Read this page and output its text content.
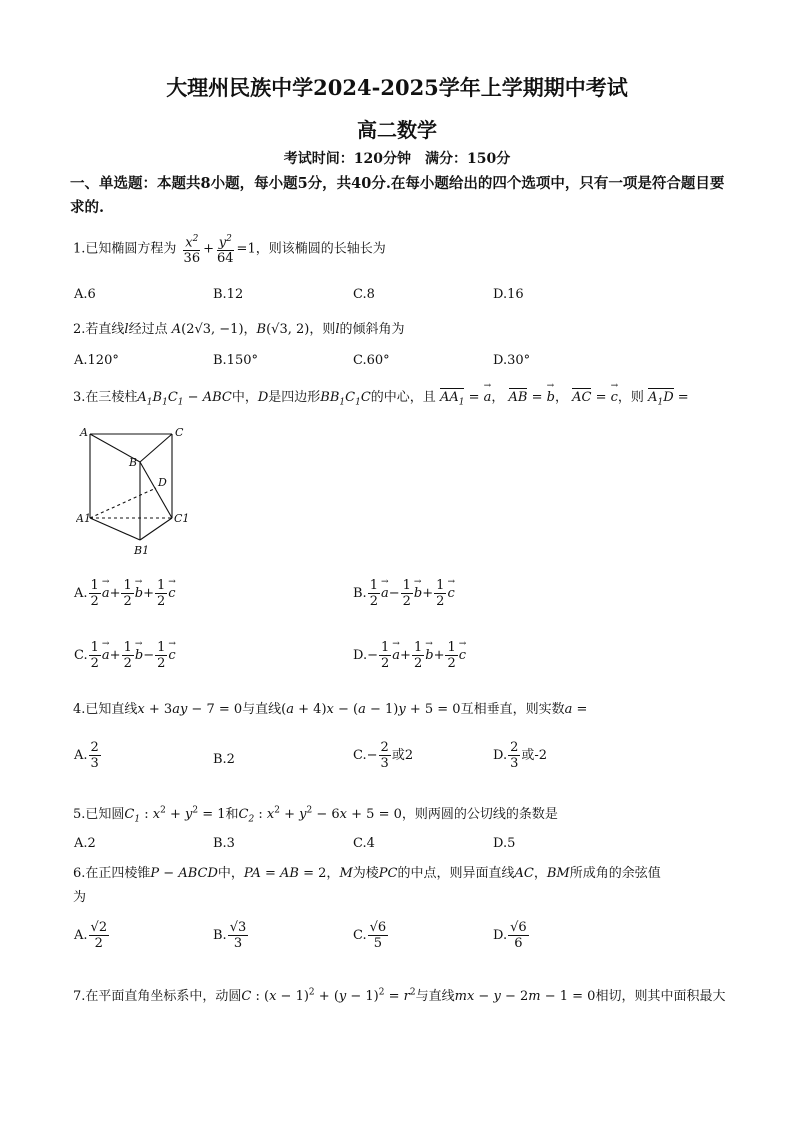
大理州民族中学2024-2025学年上学期期中考试
高二数学
考试时间：120分钟　满分：150分
一、单选题：本题共8小题，每小题5分，共40分.在每小题给出的四个选项中，只有一项是符合题目要求的.
1.已知椭圆方程为 $\frac{x^2}{36} + \frac{y^2}{64} =1$，则该椭圆的长轴长为
A.6	B.12	C.8	D.16
2.若直线l经过点 A(2√3, −1)，B(√3, 2)，则l的倾斜角为
A.120°	B.150°	C.60°	D.30°
3.在三棱柱$A_1B_1C_1$ − ABC中，D是四边形$BB_1C_1C$的中心，且 $AA_1$ = → a， AB = → b， AC = → c，则 $A_1D$ =
A	C
B
D
A1	C1
B1
A. $\frac{1}{2}$
→ $a+ \frac{1}{2}$
→ $b+ \frac{1}{2}$
→ c	B. $\frac{1}{2}$
→ $a- \frac{1}{2}$
→ $b+ \frac{1}{2}$
→ c
C. $\frac{1}{2}$
→ $a+ \frac{1}{2}$
→ $b- \frac{1}{2}$
→ c	$D.- \frac{1}{2}$
→ $a+ \frac{1}{2}$
→ $b+ \frac{1}{2}$
→ c
4.已知直线x + 3ay − 7 = 0与直线(a + 4)x − (a − 1)y + 5 = 0互相垂直，则实数a =
A. $\frac{2}{3}$	B.2	$C.- \frac{2}{3}$ 或2	D. $\frac{2}{3}$ 或-2
5.已知圆$C_1$ : $x^2 + y^2 = 1$和$C_2$ : $x^2 + y^2 - 6x + 5 = 0$，则两圆的公切线的条数是
A.2	B.3	C.4	D.5
6.在正四棱锥P − ABCD中，PA = AB = 2，M为棱PC的中点，则异面直线AC，BM所成角的余弦值
为
A. $\frac{√2}{2}$	B. $\frac{√3}{3}$	C. $\frac{√6}{5}$	D. $\frac{√6}{6}$
7.在平面直角坐标系中，动圆C : $(x - 1)^2 + (y - 1)^2 = r^2$与直线mx − y − 2m − 1 = 0相切，则其中面积最大
